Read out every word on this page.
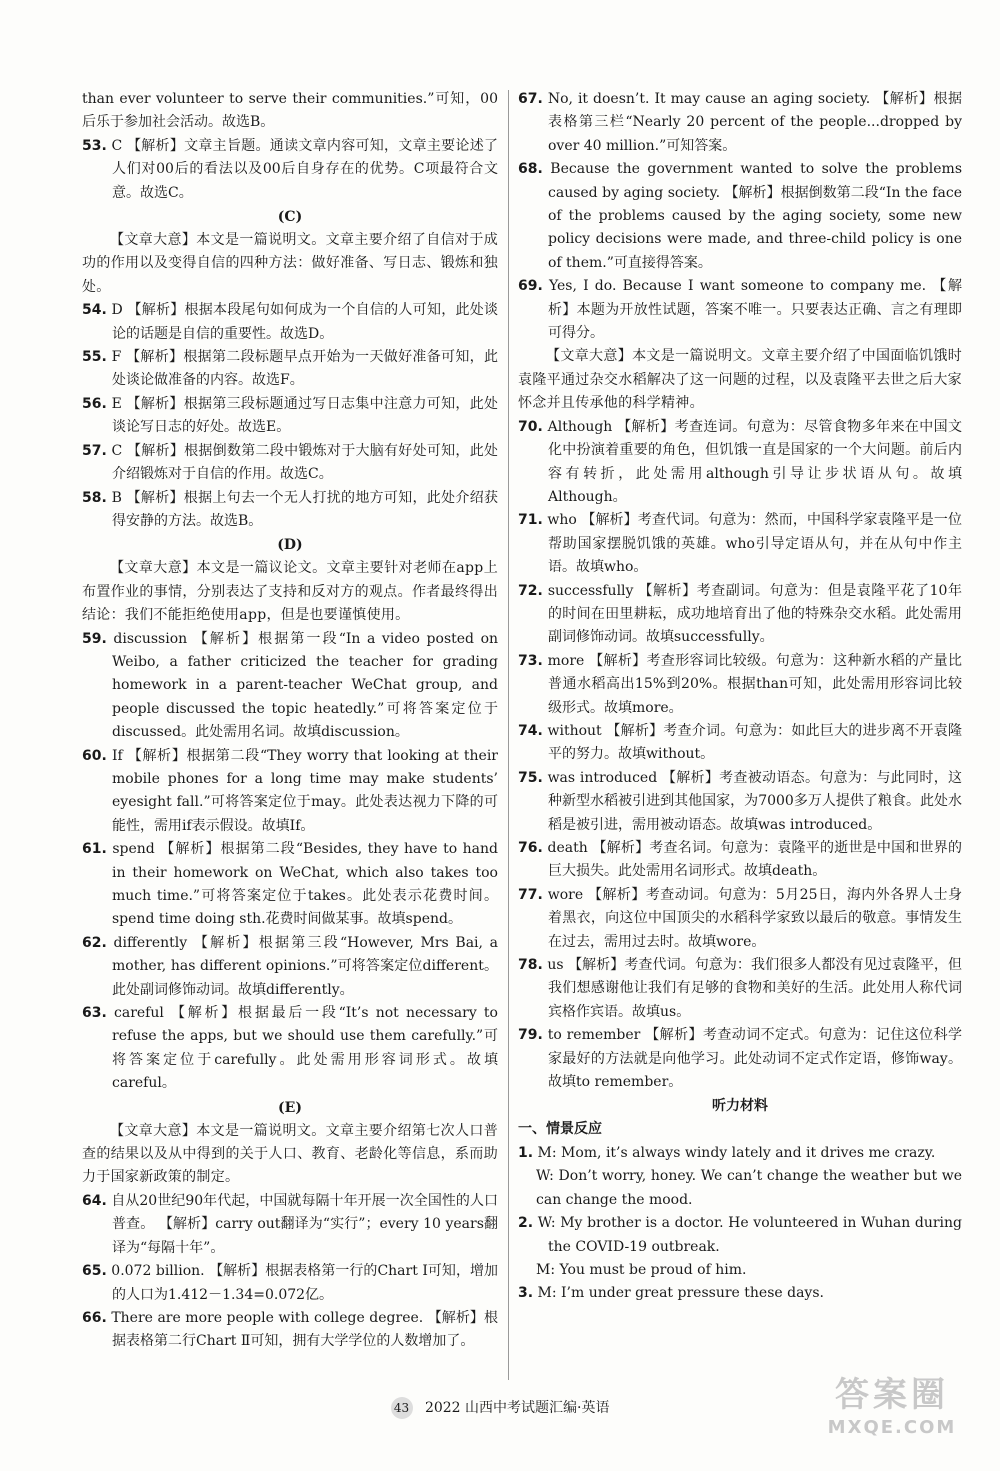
than ever volunteer to serve their communities.”可知，00后乐于参加社会活动。故选B。

53. C 【解析】文章主旨题。通读文章内容可知，文章主要论述了人们对00后的看法以及00后自身存在的优势。C项最符合文意。故选C。

(C)

【文章大意】本文是一篇说明文。文章主要介绍了自信对于成功的作用以及变得自信的四种方法：做好准备、写日志、锻炼和独处。

54. D 【解析】根据本段尾句如何成为一个自信的人可知，此处谈论的话题是自信的重要性。故选D。

55. F 【解析】根据第二段标题早点开始为一天做好准备可知，此处谈论做准备的内容。故选F。

56. E 【解析】根据第三段标题通过写日志集中注意力可知，此处谈论写日志的好处。故选E。

57. C 【解析】根据倒数第二段中锻炼对于大脑有好处可知，此处介绍锻炼对于自信的作用。故选C。

58. B 【解析】根据上句去一个无人打扰的地方可知，此处介绍获得安静的方法。故选B。

(D)

【文章大意】本文是一篇议论文。文章主要针对老师在app上布置作业的事情，分别表达了支持和反对方的观点。作者最终得出结论：我们不能拒绝使用app，但是也要谨慎使用。

59. discussion 【解析】根据第一段“In a video posted on Weibo, a father criticized the teacher for grading homework in a parent-teacher WeChat group, and people discussed the topic heatedly.”可将答案定位于discussed。此处需用名词。故填discussion。

60. If 【解析】根据第二段“They worry that looking at their mobile phones for a long time may make students’ eyesight fall.”可将答案定位于may。此处表达视力下降的可能性，需用if表示假设。故填If。

61. spend 【解析】根据第二段“Besides, they have to hand in their homework on WeChat, which also takes too much time.”可将答案定位于takes。此处表示花费时间。spend time doing sth.花费时间做某事。故填spend。

62. differently 【解析】根据第三段“However, Mrs Bai, a mother, has different opinions.”可将答案定位different。此处副词修饰动词。故填differently。

63. careful 【解析】根据最后一段“It’s not necessary to refuse the apps, but we should use them carefully.”可将答案定位于carefully。此处需用形容词形式。故填careful。

(E)

【文章大意】本文是一篇说明文。文章主要介绍第七次人口普查的结果以及从中得到的关于人口、教育、老龄化等信息，系而助力于国家新政策的制定。

64. 自从20世纪90年代起，中国就每隔十年开展一次全国性的人口普查。 【解析】carry out翻译为“实行”；every 10 years翻译为“每隔十年”。

65. 0.072 billion. 【解析】根据表格第一行的Chart I可知，增加的人口为1.412－1.34=0.072亿。

66. There are more people with college degree. 【解析】根据表格第二行Chart Ⅱ可知，拥有大学学位的人数增加了。

67. No, it doesn’t. It may cause an aging society. 【解析】根据表格第三栏“Nearly 20 percent of the people...dropped by over 40 million.”可知答案。

68. Because the government wanted to solve the problems caused by aging society. 【解析】根据倒数第二段“In the face of the problems caused by the aging society, some new policy decisions were made, and three-child policy is one of them.”可直接得答案。

69. Yes, I do. Because I want someone to company me. 【解析】本题为开放性试题，答案不唯一。只要表达正确、言之有理即可得分。

【文章大意】本文是一篇说明文。文章主要介绍了中国面临饥饿时袁隆平通过杂交水稻解决了这一问题的过程，以及袁隆平去世之后大家怀念并且传承他的科学精神。

70. Although 【解析】考查连词。句意为：尽管食物多年来在中国文化中扮演着重要的角色，但饥饿一直是国家的一个大问题。前后内容有转折，此处需用although引导让步状语从句。故填Although。

71. who 【解析】考查代词。句意为：然而，中国科学家袁隆平是一位帮助国家摆脱饥饿的英雄。who引导定语从句，并在从句中作主语。故填who。

72. successfully 【解析】考查副词。句意为：但是袁隆平花了10年的时间在田里耕耘，成功地培育出了他的特殊杂交水稻。此处需用副词修饰动词。故填successfully。

73. more 【解析】考查形容词比较级。句意为：这种新水稻的产量比普通水稻高出15%到20%。根据than可知，此处需用形容词比较级形式。故填more。

74. without 【解析】考查介词。句意为：如此巨大的进步离不开袁隆平的努力。故填without。

75. was introduced 【解析】考查被动语态。句意为：与此同时，这种新型水稻被引进到其他国家，为7000多万人提供了粮食。此处水稻是被引进，需用被动语态。故填was introduced。

76. death 【解析】考查名词。句意为：袁隆平的逝世是中国和世界的巨大损失。此处需用名词形式。故填death。

77. wore 【解析】考查动词。句意为：5月25日，海内外各界人士身着黑衣，向这位中国顶尖的水稻科学家致以最后的敬意。事情发生在过去，需用过去时。故填wore。

78. us 【解析】考查代词。句意为：我们很多人都没有见过袁隆平，但我们想感谢他让我们有足够的食物和美好的生活。此处用人称代词宾格作宾语。故填us。

79. to remember 【解析】考查动词不定式。句意为：记住这位科学家最好的方法就是向他学习。此处动词不定式作定语，修饰way。故填to remember。

听力材料

一、情景反应

1. M: Mom, it’s always windy lately and it drives me crazy.

W: Don’t worry, honey. We can’t change the weather but we can change the mood.

2. W: My brother is a doctor. He volunteered in Wuhan during the COVID-19 outbreak.

M: You must be proud of him.

3. M: I’m under great pressure these days.

43 2022 山西中考试题汇编·英语	答案圈
MXQE.COM
